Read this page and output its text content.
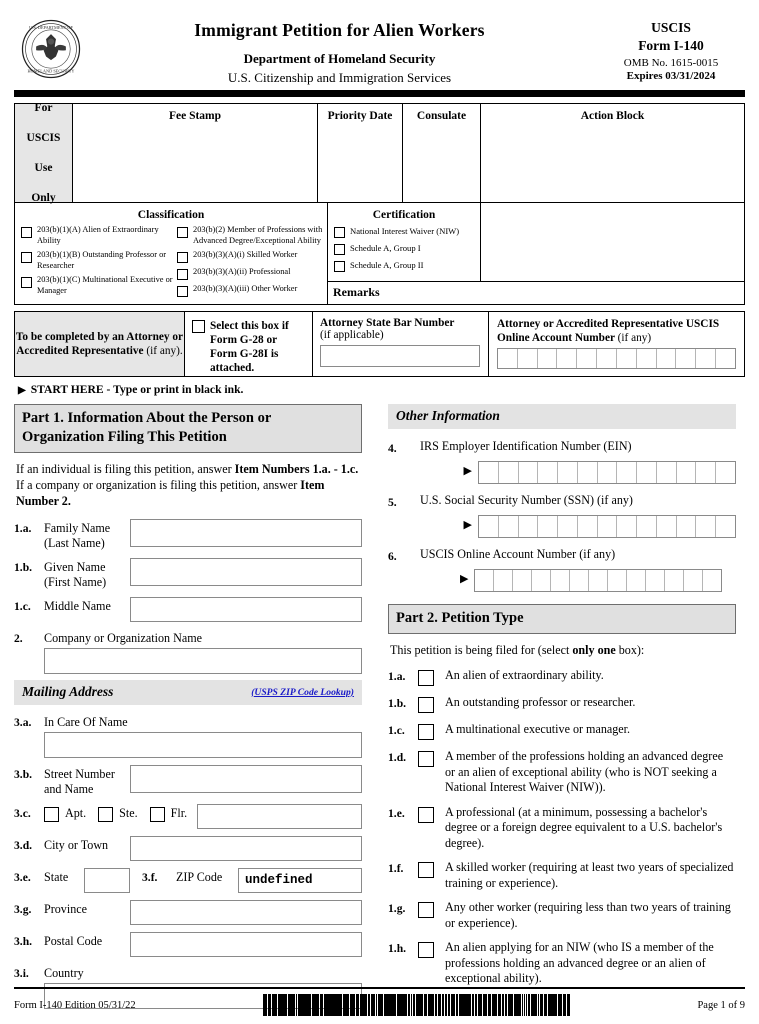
U.S. DEPARTMENT OF
HOMELAND SECURITY
Immigrant Petition for Alien Workers
Department of Homeland Security
U.S. Citizenship and Immigration Services
USCIS
Form I-140
OMB No. 1615-0015
Expires 03/31/2024
For

USCIS

Use

Only
Fee Stamp	Priority Date	Consulate	Action Block
Classification
203(b)(1)(A) Alien of Extraordinary Ability
203(b)(1)(B) Outstanding Professor or Researcher
203(b)(1)(C) Multinational Executive or Manager
203(b)(2) Member of Professions with Advanced Degree/Exceptional Ability
203(b)(3)(A)(i) Skilled Worker
203(b)(3)(A)(ii) Professional
203(b)(3)(A)(iii) Other Worker
Certification
National Interest Waiver (NIW)
Schedule A, Group I
Schedule A, Group II
Remarks
To be completed by an Attorney or Accredited Representative (if any).
Select this box if Form G-28 or Form G-28I is attached.
Attorney State Bar Number
(if applicable)
Attorney or Accredited Representative USCIS Online Account Number (if any)
▶ START HERE - Type or print in black ink.
Part 1. Information About the Person or Organization Filing This Petition
If an individual is filing this petition, answer Item Numbers 1.a. - 1.c. If a company or organization is filing this petition, answer Item Number 2.
1.a.	Family Name
(Last Name)
1.b. Given Name
(First Name)
1.c.	Middle Name
2.	Company or Organization Name
Mailing Address	(USPS ZIP Code Lookup)
3.a.	In Care Of Name
3.b. Street Number
and Name
3.c.	Apt.	Ste.	Flr.
3.d. City or Town
3.e.	State	3.f.	ZIP Code	undefined
3.g.	Province
3.h. Postal Code
3.i.	Country
Other Information
4.	IRS Employer Identification Number (EIN)
▶
5.	U.S. Social Security Number (SSN) (if any)
▶
6.	USCIS Online Account Number (if any)
▶
Part 2. Petition Type
This petition is being filed for (select only one box):
1.a.	An alien of extraordinary ability.
1.b.	An outstanding professor or researcher.
1.c.	A multinational executive or manager.
1.d.	A member of the professions holding an advanced degree or an alien of exceptional ability (who is NOT seeking a National Interest Waiver (NIW)).
1.e.	A professional (at a minimum, possessing a bachelor's degree or a foreign degree equivalent to a U.S. bachelor's degree).
1.f.	A skilled worker (requiring at least two years of specialized training or experience).
1.g.	Any other worker (requiring less than two years of training or experience).
1.h.	An alien applying for an NIW (who IS a member of the professions holding an advanced degree or an alien of exceptional ability).
Form I-140 Edition 05/31/22	Page 1 of 9
